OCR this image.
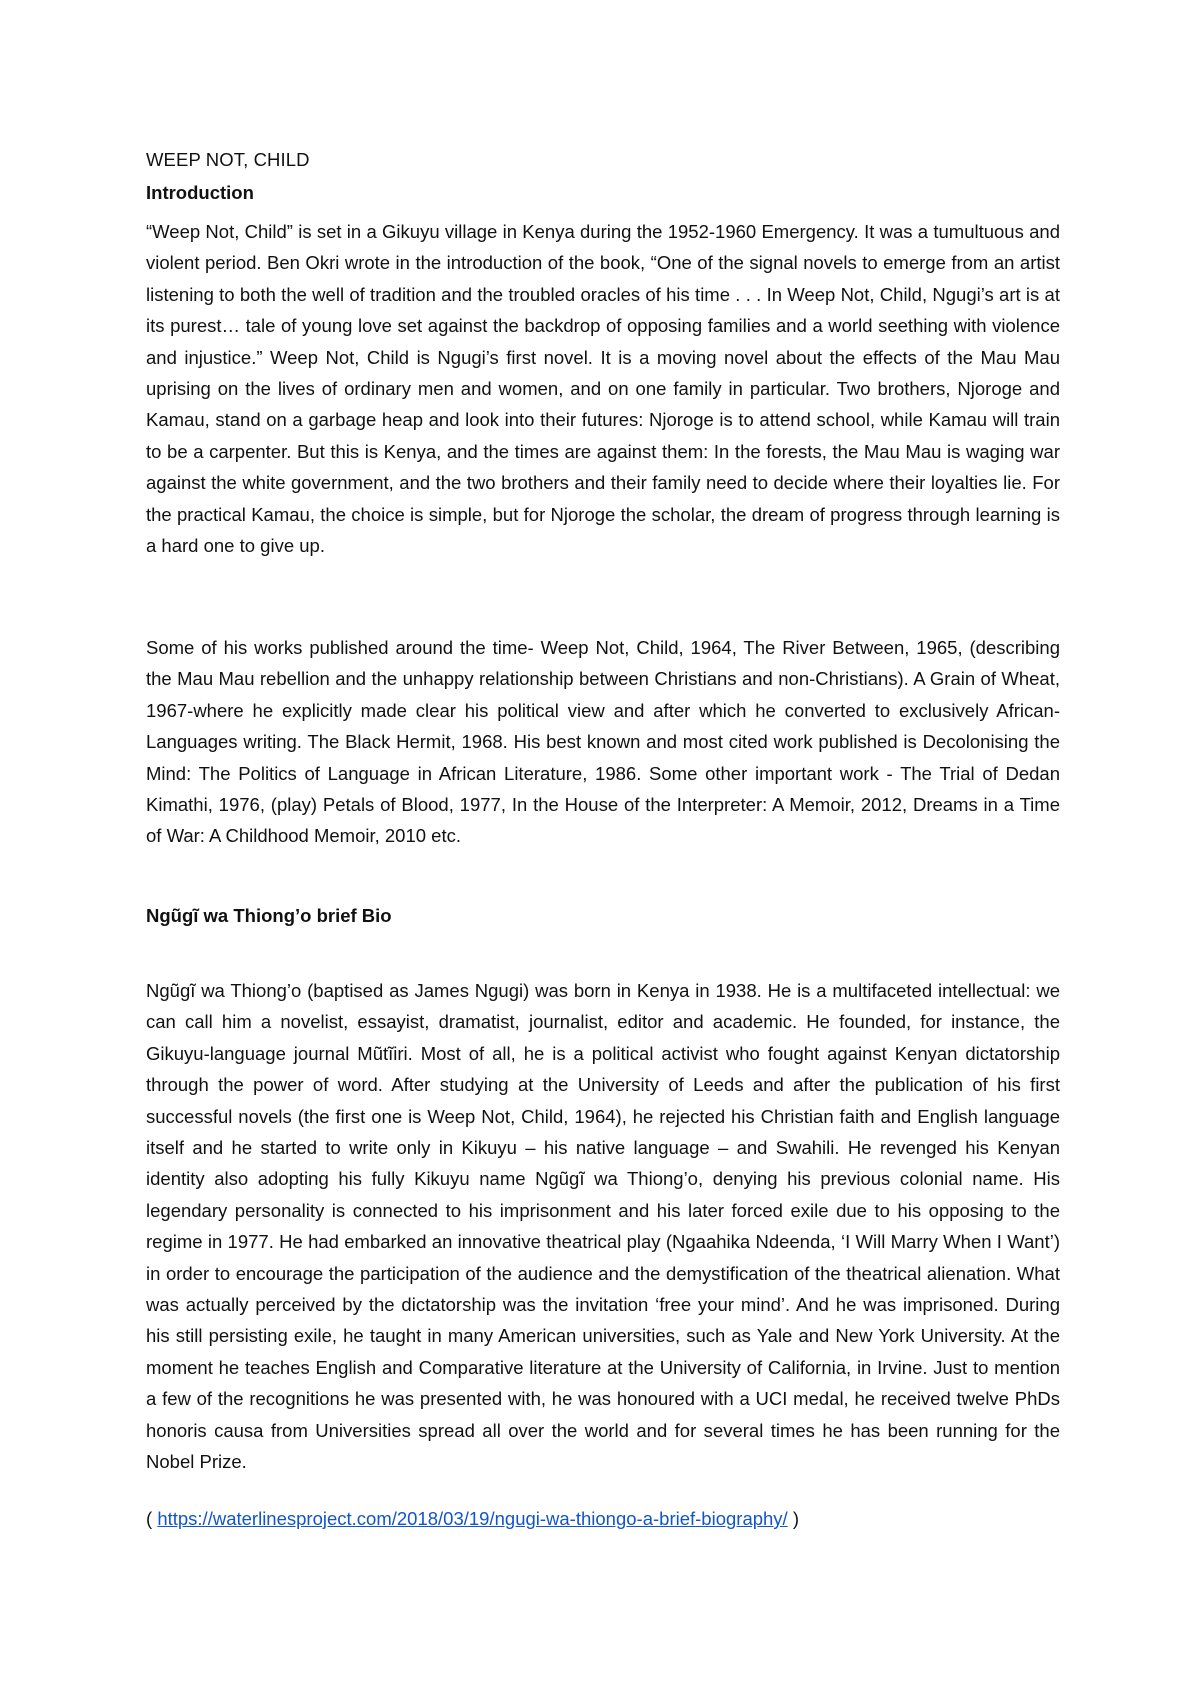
WEEP NOT, CHILD
Introduction

“Weep Not, Child” is set in a Gikuyu village in Kenya during the 1952-1960 Emergency. It was a tumultuous and violent period. Ben Okri wrote in the introduction of the book, “One of the signal novels to emerge from an artist listening to both the well of tradition and the troubled oracles of his time . . . In Weep Not, Child, Ngugi’s art is at its purest… tale of young love set against the backdrop of opposing families and a world seething with violence and injustice.” Weep Not, Child is Ngugi’s first novel. It is a moving novel about the effects of the Mau Mau uprising on the lives of ordinary men and women, and on one family in particular. Two brothers, Njoroge and Kamau, stand on a garbage heap and look into their futures: Njoroge is to attend school, while Kamau will train to be a carpenter. But this is Kenya, and the times are against them: In the forests, the Mau Mau is waging war against the white government, and the two brothers and their family need to decide where their loyalties lie. For the practical Kamau, the choice is simple, but for Njoroge the scholar, the dream of progress through learning is a hard one to give up.

Some of his works published around the time- Weep Not, Child, 1964, The River Between, 1965, (describing the Mau Mau rebellion and the unhappy relationship between Christians and non-Christians). A Grain of Wheat, 1967-where he explicitly made clear his political view and after which he converted to exclusively African-Languages writing. The Black Hermit, 1968. His best known and most cited work published is Decolonising the Mind: The Politics of Language in African Literature, 1986. Some other important work - The Trial of Dedan Kimathi, 1976, (play) Petals of Blood, 1977, In the House of the Interpreter: A Memoir, 2012, Dreams in a Time of War: A Childhood Memoir, 2010 etc.

Ngũgĩ wa Thiong’o brief Bio

Ngũgĩ wa Thiong’o (baptised as James Ngugi) was born in Kenya in 1938. He is a multifaceted intellectual: we can call him a novelist, essayist, dramatist, journalist, editor and academic. He founded, for instance, the Gikuyu-language journal Mũtĩiri. Most of all, he is a political activist who fought against Kenyan dictatorship through the power of word. After studying at the University of Leeds and after the publication of his first successful novels (the first one is Weep Not, Child, 1964), he rejected his Christian faith and English language itself and he started to write only in Kikuyu – his native language – and Swahili. He revenged his Kenyan identity also adopting his fully Kikuyu name Ngũgĩ wa Thiong’o, denying his previous colonial name. His legendary personality is connected to his imprisonment and his later forced exile due to his opposing to the regime in 1977. He had embarked an innovative theatrical play (Ngaahika Ndeenda, ‘I Will Marry When I Want’) in order to encourage the participation of the audience and the demystification of the theatrical alienation. What was actually perceived by the dictatorship was the invitation ‘free your mind’. And he was imprisoned. During his still persisting exile, he taught in many American universities, such as Yale and New York University. At the moment he teaches English and Comparative literature at the University of California, in Irvine. Just to mention a few of the recognitions he was presented with, he was honoured with a UCI medal, he received twelve PhDs honoris causa from Universities spread all over the world and for several times he has been running for the Nobel Prize.

( https://waterlinesproject.com/2018/03/19/ngugi-wa-thiongo-a-brief-biography/ )
